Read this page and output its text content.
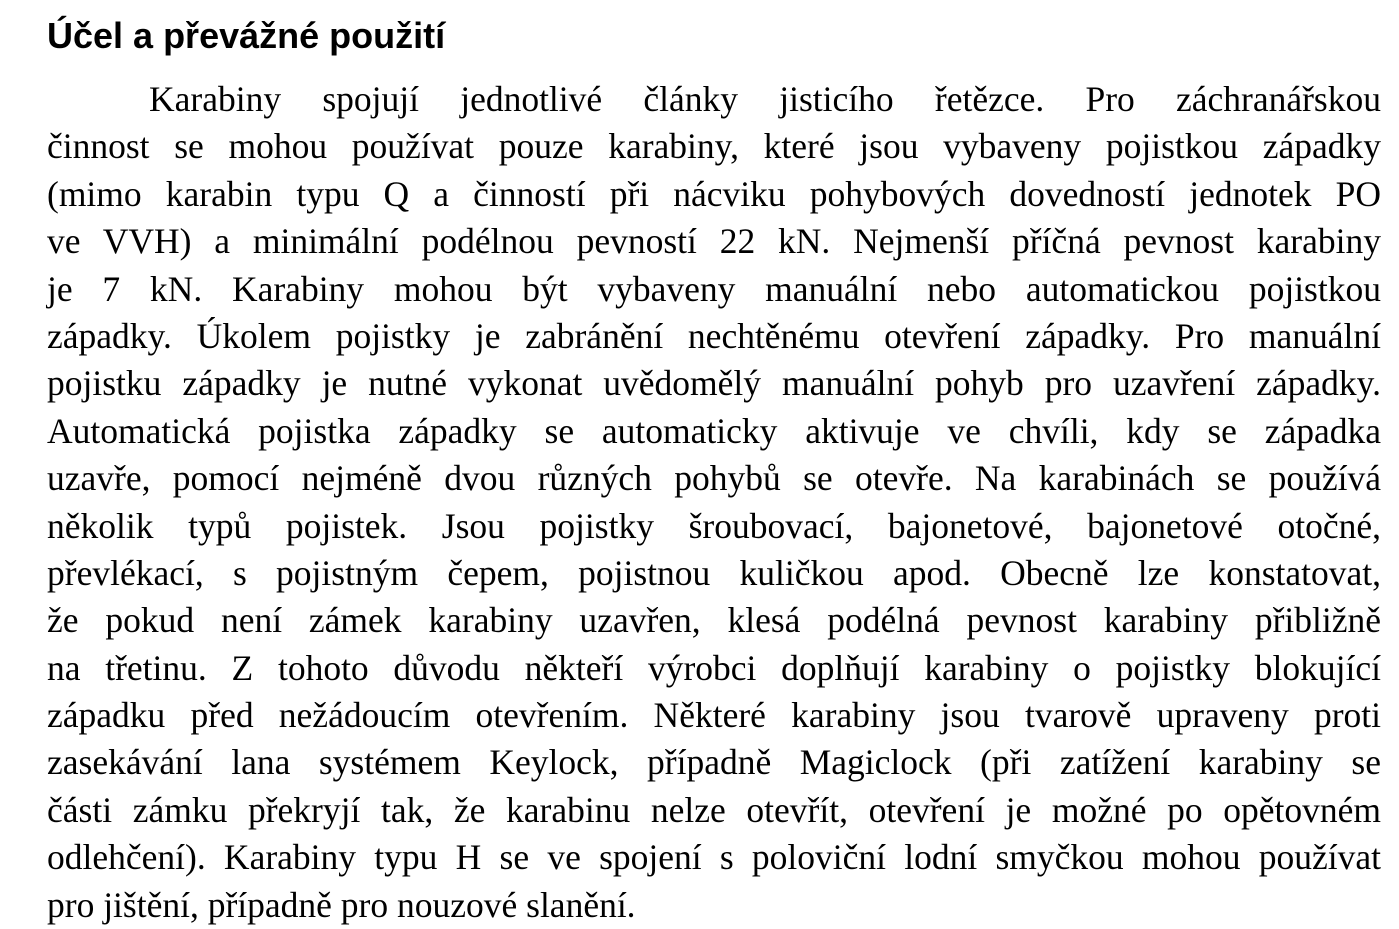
Účel a převážné použití
Karabiny spojují jednotlivé články jisticího řetězce. Pro záchranářskou
činnost se mohou používat pouze karabiny, které jsou vybaveny pojistkou západky
(mimo karabin typu Q a činností při nácviku pohybových dovedností jednotek PO
ve VVH) a minimální podélnou pevností 22 kN. Nejmenší příčná pevnost karabiny
je 7 kN. Karabiny mohou být vybaveny manuální nebo automatickou pojistkou
západky. Úkolem pojistky je zabránění nechtěnému otevření západky. Pro manuální
pojistku západky je nutné vykonat uvědomělý manuální pohyb pro uzavření západky.
Automatická pojistka západky se automaticky aktivuje ve chvíli, kdy se západka
uzavře, pomocí nejméně dvou různých pohybů se otevře. Na karabinách se používá
několik typů pojistek. Jsou pojistky šroubovací, bajonetové, bajonetové otočné,
převlékací, s pojistným čepem, pojistnou kuličkou apod. Obecně lze konstatovat,
že pokud není zámek karabiny uzavřen, klesá podélná pevnost karabiny přibližně
na třetinu. Z tohoto důvodu někteří výrobci doplňují karabiny o pojistky blokující
západku před nežádoucím otevřením. Některé karabiny jsou tvarově upraveny proti
zasekávání lana systémem Keylock, případně Magiclock (při zatížení karabiny se
části zámku překryjí tak, že karabinu nelze otevřít, otevření je možné po opětovném
odlehčení). Karabiny typu H se ve spojení s poloviční lodní smyčkou mohou používat
pro jištění, případně pro nouzové slanění.
